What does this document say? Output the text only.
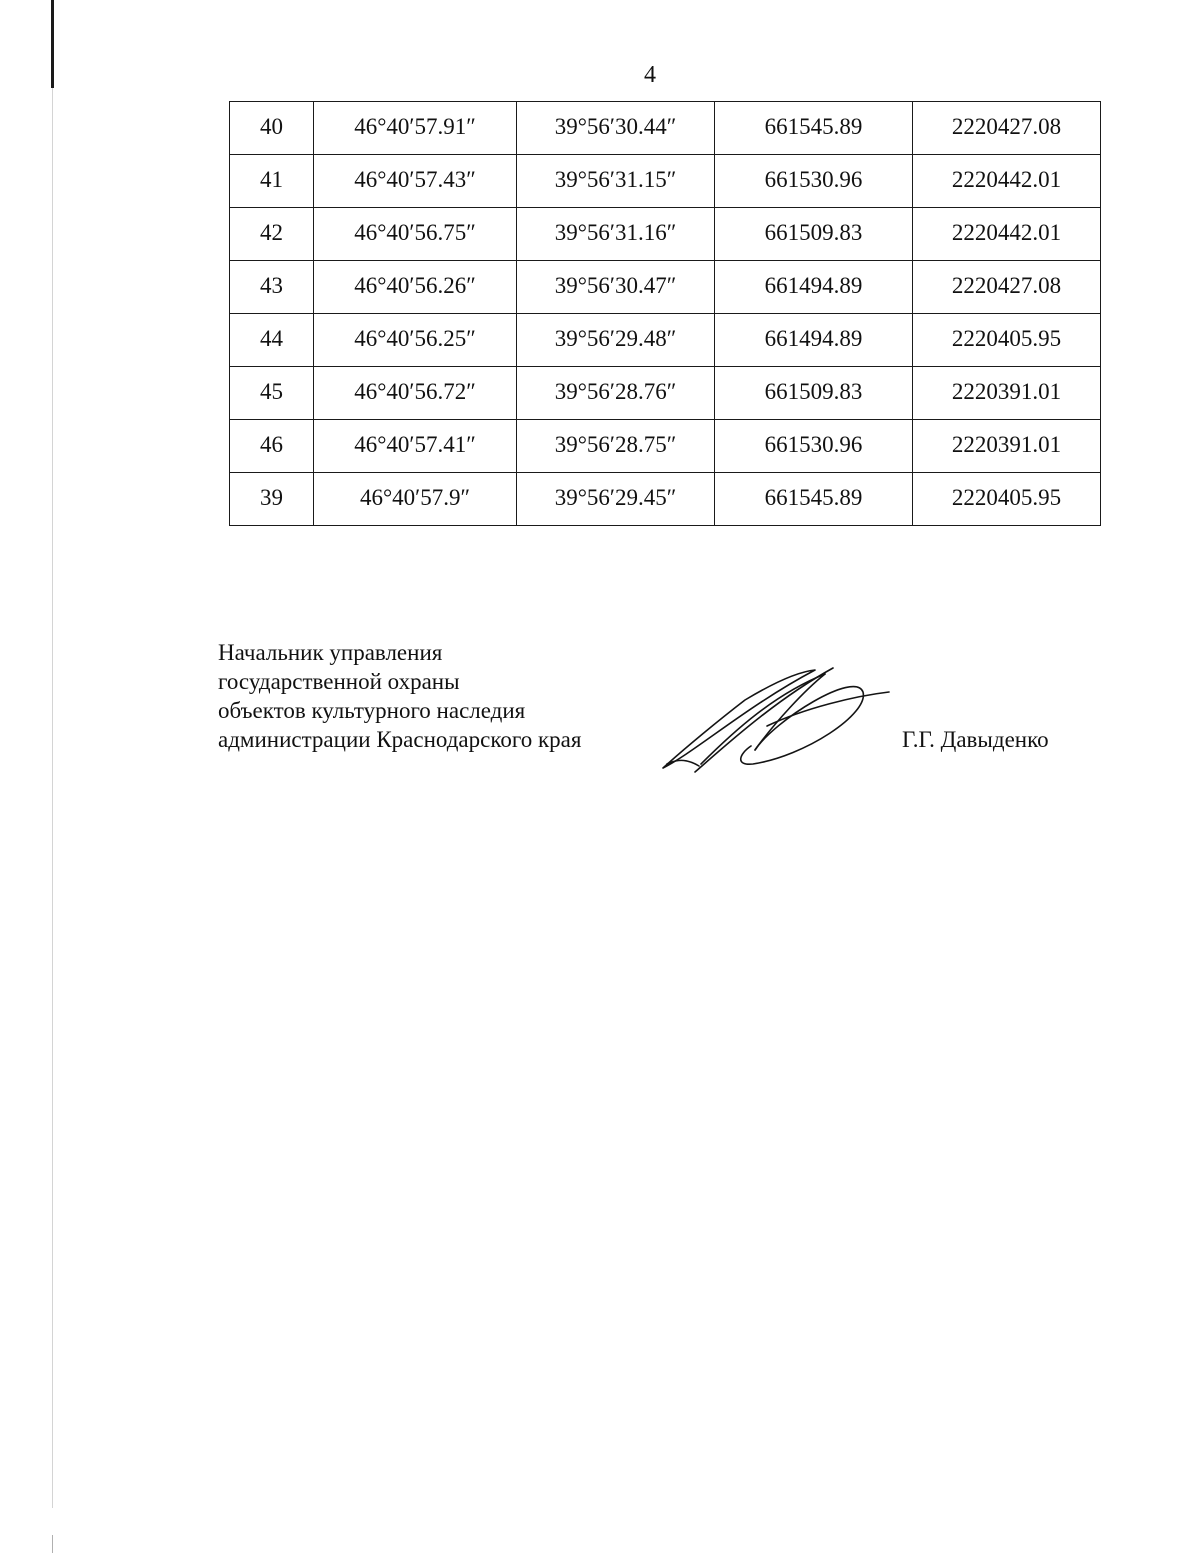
4
40	46°40′57.91″	39°56′30.44″	661545.89	2220427.08
41	46°40′57.43″	39°56′31.15″	661530.96	2220442.01
42	46°40′56.75″	39°56′31.16″	661509.83	2220442.01
43	46°40′56.26″	39°56′30.47″	661494.89	2220427.08
44	46°40′56.25″	39°56′29.48″	661494.89	2220405.95
45	46°40′56.72″	39°56′28.76″	661509.83	2220391.01
46	46°40′57.41″	39°56′28.75″	661530.96	2220391.01
39	46°40′57.9″	39°56′29.45″	661545.89	2220405.95
Начальник управления
государственной охраны
объектов культурного наследия
администрации Краснодарского края	Г.Г. Давыденко
